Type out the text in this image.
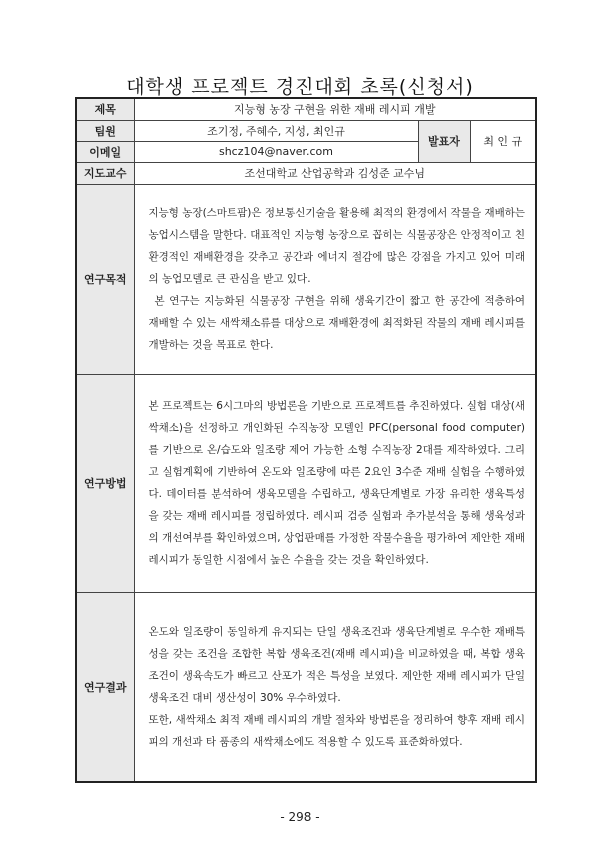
대학생 프로젝트 경진대회 초록(신청서)
제목	지능형 농장 구현을 위한 재배 레시피 개발		
팀원	조기정, 주혜수, 지성, 최인규	발표자	최 인 규
이메일	shcz104@naver.com		
지도교수	조선대학교 산업공학과 김성준 교수님		
연구목적	지능형 농장(스마트팜)은 정보통신기술을 활용해 최적의 환경에서 작물을 재배하는 농업시스템을 말한다. 대표적인 지능형 농장으로 꼽히는 식물공장은 안정적이고 친환경적인 재배환경을 갖추고 공간과 에너지 절감에 많은 강점을 가지고 있어 미래의 농업모델로 큰 관심을 받고 있다.

본 연구는 지능화된 식물공장 구현을 위해 생육기간이 짧고 한 공간에 적층하여 재배할 수 있는 새싹채소류를 대상으로 재배환경에 최적화된 작물의 재배 레시피를 개발하는 것을 목표로 한다.		

연구방법	본 프로젝트는 6시그마의 방법론을 기반으로 프로젝트를 추진하였다. 실험 대상(새싹채소)을 선정하고 개인화된 수직농장 모델인 PFC(personal food computer)를 기반으로 온/습도와 일조량 제어 가능한 소형 수직농장 2대를 제작하였다. 그리고 실험계획에 기반하여 온도와 일조량에 따른 2요인 3수준 재배 실험을 수행하였다. 데이터를 분석하여 생육모델을 수립하고, 생육단계별로 가장 유리한 생육특성을 갖는 재배 레시피를 정립하였다. 레시피 검증 실험과 추가분석을 통해 생육성과의 개선여부를 확인하였으며, 상업판매를 가정한 작물수율을 평가하여 제안한 재배 레시피가 동일한 시점에서 높은 수율을 갖는 것을 확인하였다.		

연구결과	온도와 일조량이 동일하게 유지되는 단일 생육조건과 생육단계별로 우수한 재배특성을 갖는 조건을 조합한 복합 생육조건(재배 레시피)을 비교하였을 때, 복합 생육조건이 생육속도가 빠르고 산포가 적은 특성을 보였다. 제안한 재배 레시피가 단일생육조건 대비 생산성이 30% 우수하였다.

또한, 새싹채소 최적 재배 레시피의 개발 절차와 방법론을 정리하여 향후 재배 레시피의 개선과 타 품종의 새싹채소에도 적용할 수 있도록 표준화하였다.		

- 298 -
